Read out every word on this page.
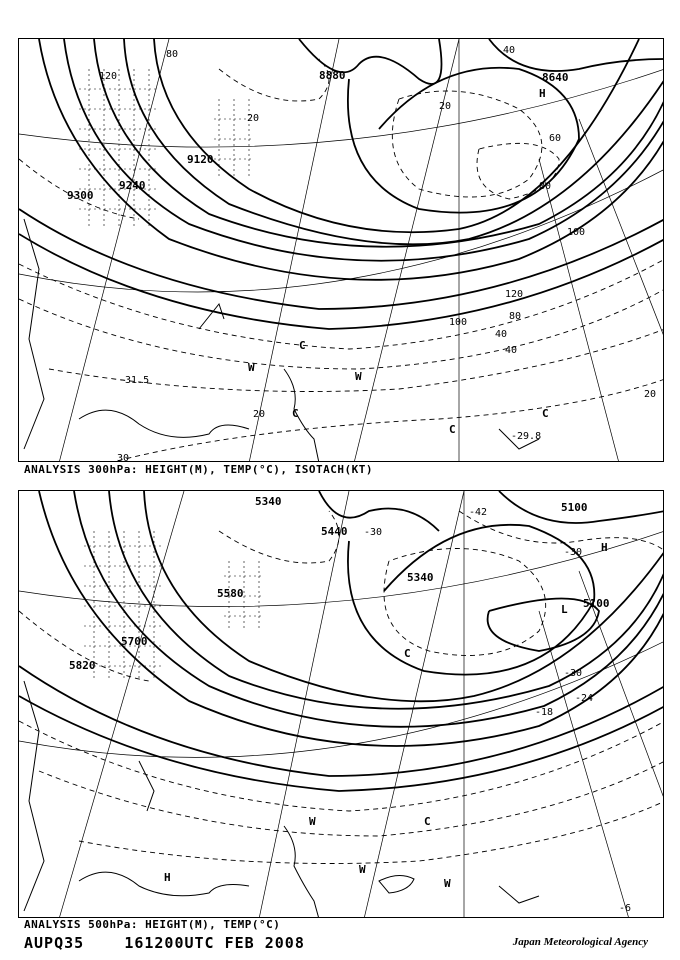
8880	8640
9120
9240
9300
80
120
20
40
60
80
100
120
100
80
40
40
20
20
20
30
-31.5
-29.8
C
C	C
C
W
W
H
ANALYSIS 300hPa: HEIGHT(M), TEMP(°C), ISOTACH(KT)
5340
5440
5100
5580
5340
5100
5700
5820
-30
-42
-30
-24
-18
-30
-6
H
L
C
W
W
C
W
H
ANALYSIS 500hPa: HEIGHT(M), TEMP(°C)
AUPQ35	161200UTC FEB 2008	Japan Meteorological Agency
